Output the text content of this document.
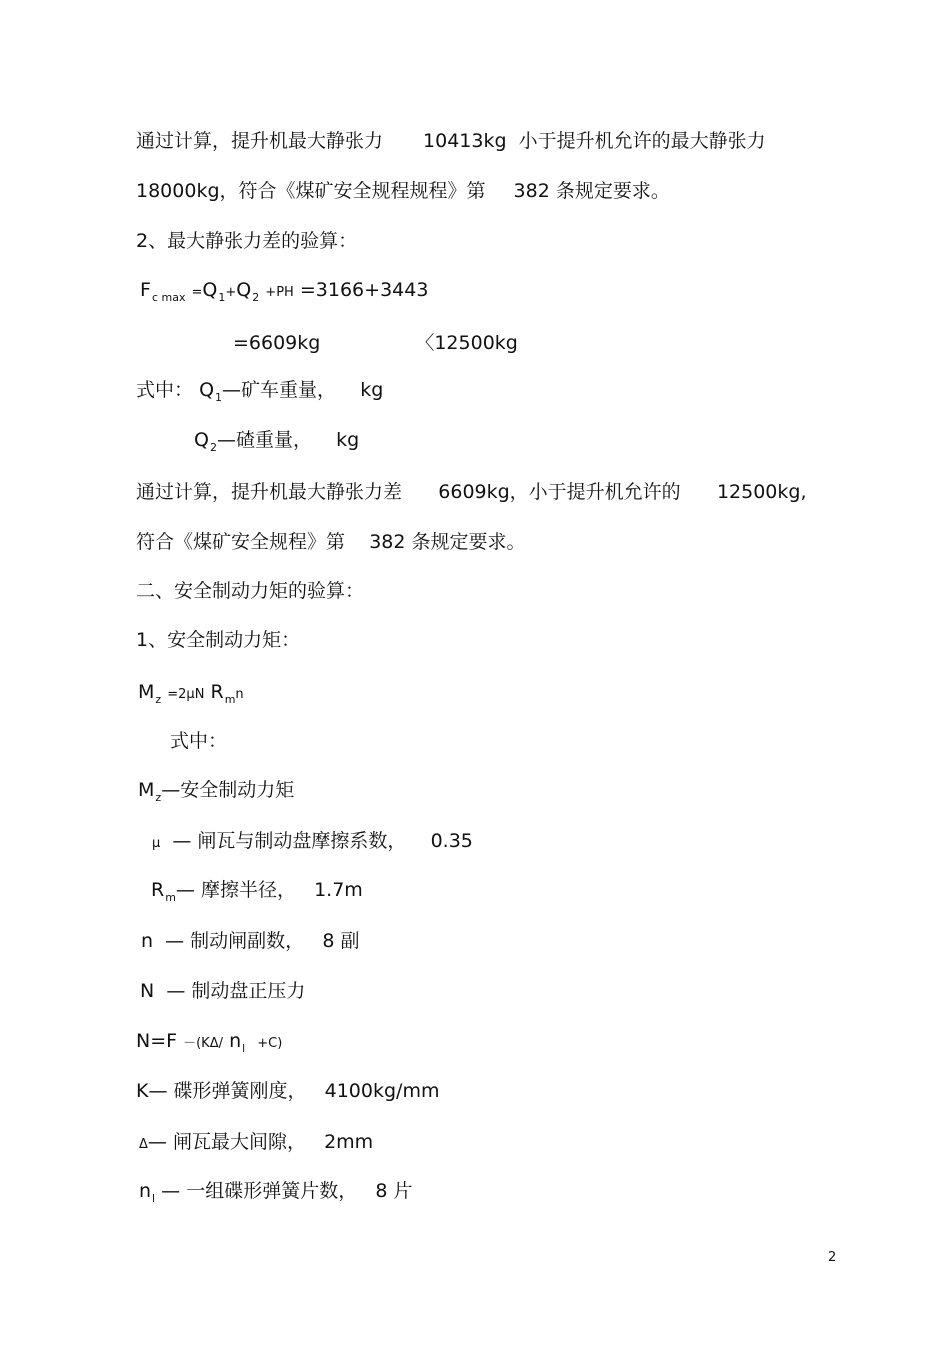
通过计算，提升机最大静张力 10413kg 小于提升机允许的最大静张力
18000kg，符合《煤矿安全规程规程》第 382 条规定要求。
2、最大静张力差的验算：
$F_{c max} =Q_1+Q_2 +PH =3166+3443$
=6609kg	〈12500kg
式中： $Q_1—$矿车重量， kg
$Q_2—$碴重量， kg
通过计算，提升机最大静张力差 6609kg，小于提升机允许的 12500kg,
符合《煤矿安全规程》第 382 条规定要求。
二、安全制动力矩的验算：
1、安全制动力矩：
$M_z =2\mu N$ $R_mn$
式中：
$M_z—$安全制动力矩
μ — 闸瓦与制动盘摩擦系数， 0.35
$R_m—$ 摩擦半径， 1.7m
n — 制动闸副数， 8 副
N — 制动盘正压力
N=F －(KΔ/ $n_l +C$)
K— 碟形弹簧刚度， 4100kg/mm
Δ— 闸瓦最大间隙， 2mm
$n_l$ — 一组碟形弹簧片数， 8 片
2
